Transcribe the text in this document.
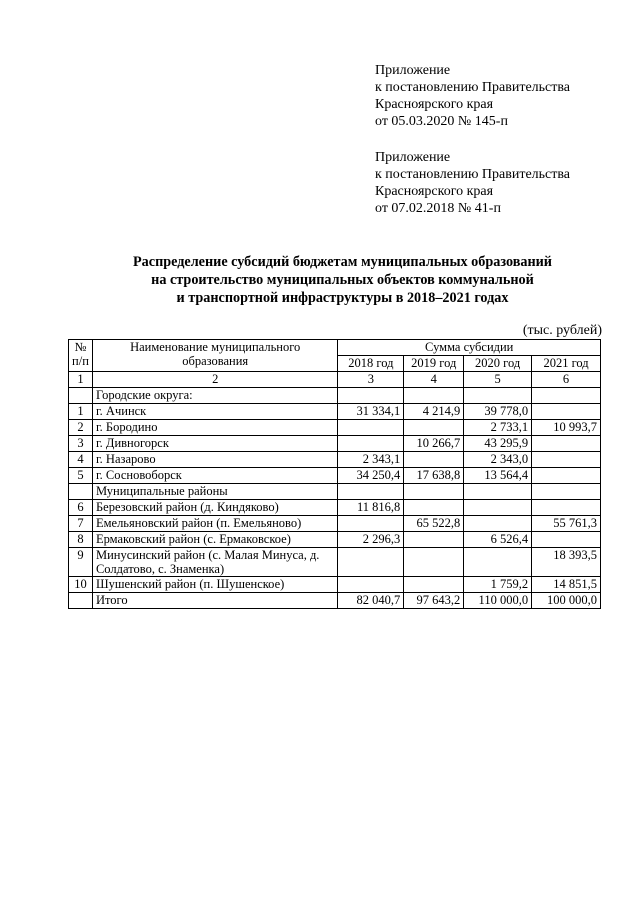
Приложение
к постановлению Правительства
Красноярского края
от 05.03.2020 № 145-п
Приложение
к постановлению Правительства
Красноярского края
от 07.02.2018 № 41-п
Распределение субсидий бюджетам муниципальных образований
на строительство муниципальных объектов коммунальной
и транспортной инфраструктуры в 2018–2021 годах
(тыс. рублей)
№ п/п	Наименование муниципального образования	Сумма субсидии			
		2018 год	2019 год	2020 год	2021 год
1	2	3	4	5	6
	Городские округа:				
1	г. Ачинск	31 334,1	4 214,9	39 778,0	
2	г. Бородино			2 733,1	10 993,7
3	г. Дивногорск		10 266,7	43 295,9	
4	г. Назарово	2 343,1		2 343,0	
5	г. Сосновоборск	34 250,4	17 638,8	13 564,4	
	Муниципальные районы				
6	Березовский район (д. Киндяково)	11 816,8			
7	Емельяновский район (п. Емельяново)		65 522,8		55 761,3
8	Ермаковский район (с. Ермаковское)	2 296,3		6 526,4	
9	Минусинский район (с. Малая Минуса, д. Солдатово, с. Знаменка)				18 393,5
10	Шушенский район (п. Шушенское)			1 759,2	14 851,5
	Итого	82 040,7	97 643,2	110 000,0	100 000,0
